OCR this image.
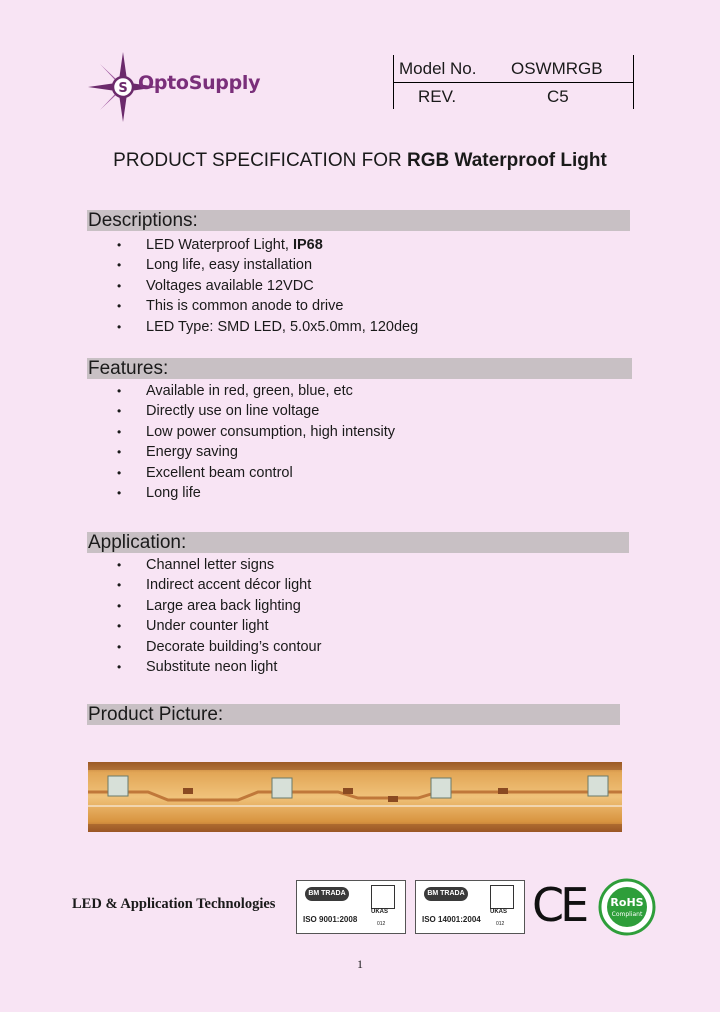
S OptoSupply
Model No. OSWMRGB
REV.	C5
PRODUCT SPECIFICATION FOR RGB Waterproof Light
Descriptions:
• LED Waterproof Light, IP68
• Long life, easy installation
• Voltages available 12VDC
• This is common anode to drive
• LED Type: SMD LED, 5.0x5.0mm, 120deg
Features:
• Available in red, green, blue, etc
• Directly use on line voltage
• Low power consumption, high intensity
• Energy saving
• Excellent beam control
• Long life
Application:
• Channel letter signs
• Indirect accent décor light
• Large area back lighting
• Under counter light
• Decorate building’s contour
• Substitute neon light
Product Picture:
LED & Application Technologies
BM TRADA
ISO 9001:2008
UKAS
012
BM TRADA
ISO 14001:2004
UKAS
012 CE RoHS
Compliant
1
